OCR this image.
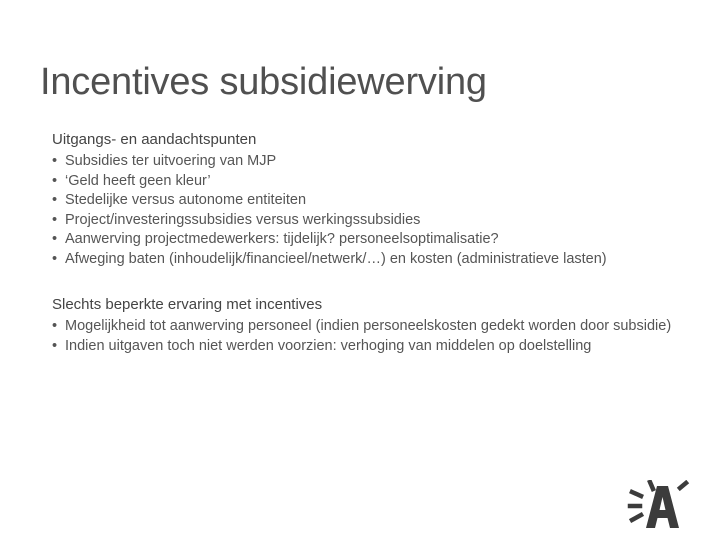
Incentives subsidiewerving
Uitgangs- en aandachtspunten
• Subsidies ter uitvoering van MJP
• ‘Geld heeft geen kleur’
• Stedelijke versus autonome entiteiten
• Project/investeringssubsidies versus werkingssubsidies
• Aanwerving projectmedewerkers: tijdelijk? personeelsoptimalisatie?
• Afweging baten (inhoudelijk/financieel/netwerk/…) en kosten (administratieve lasten)
Slechts beperkte ervaring met incentives
• Mogelijkheid tot aanwerving personeel (indien personeelskosten gedekt worden door subsidie)
• Indien uitgaven toch niet werden voorzien: verhoging van middelen op doelstelling
